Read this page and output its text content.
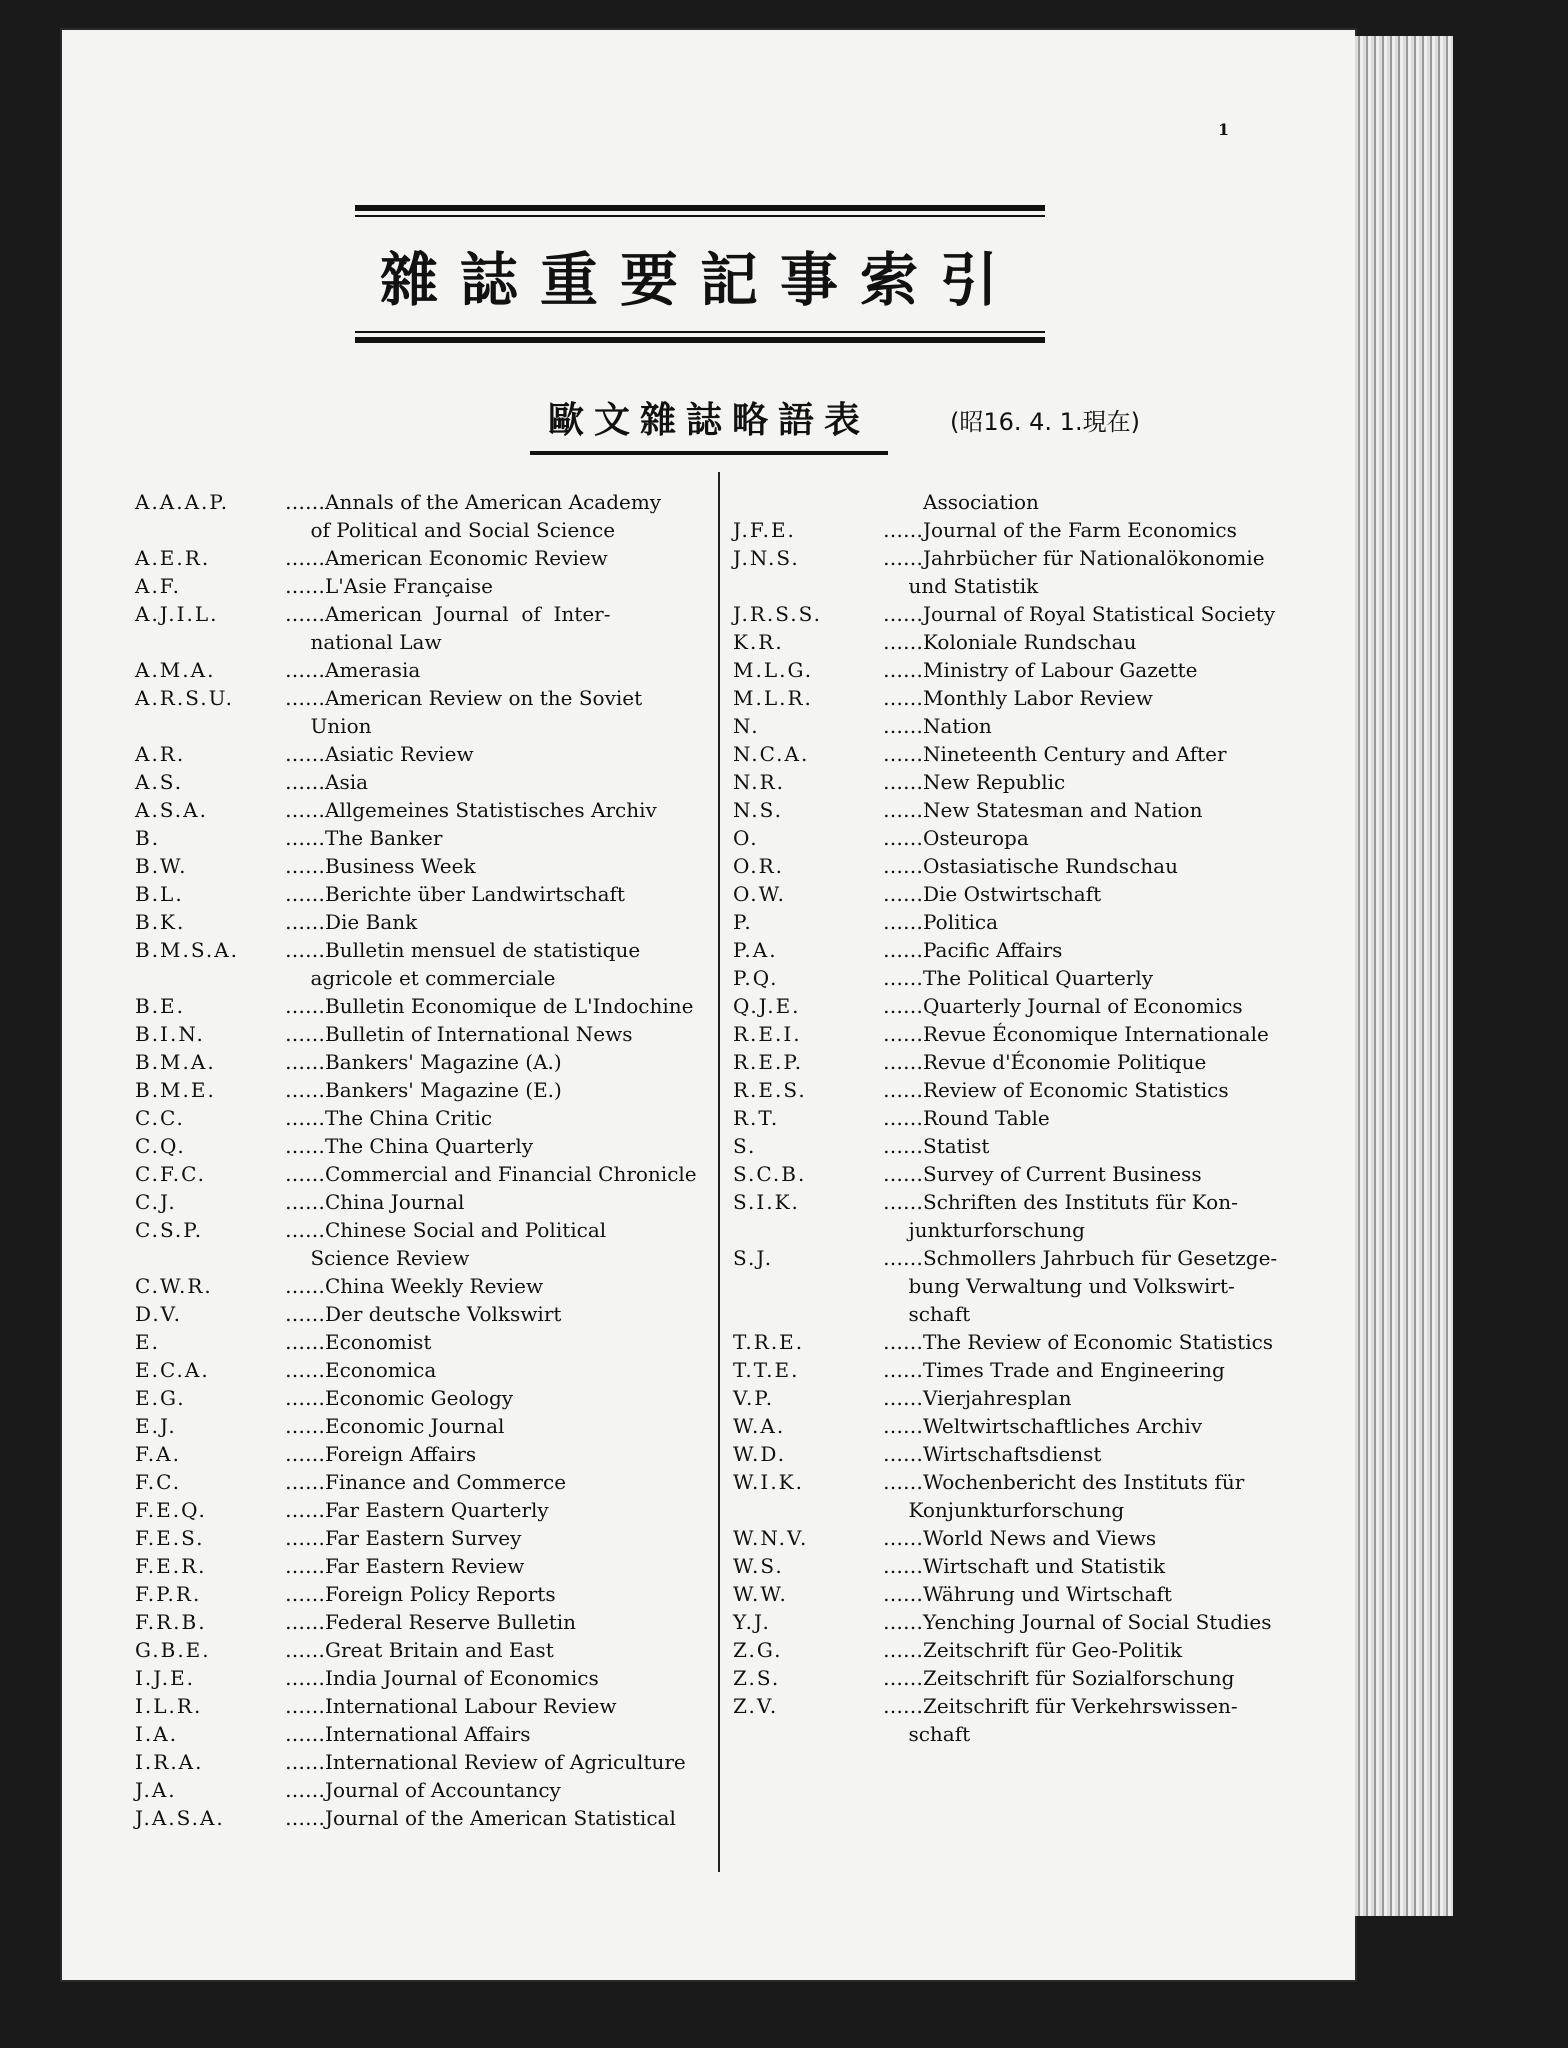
1
雜誌重要記事索引
歐文雜誌略語表	(昭16. 4. 1.現在)
A.A.A.P.	……Annals of the American Academy
of Political and Social Science
A.E.R.	……American Economic Review
A.F.	……L'Asie Française
A.J.I.L.	……American  Journal  of  Inter-
national Law
A.M.A.	……Amerasia
A.R.S.U.	……American Review on the Soviet
Union
A.R.	……Asiatic Review
A.S.	……Asia
A.S.A.	……Allgemeines Statistisches Archiv
B.	……The Banker
B.W.	……Business Week
B.L.	……Berichte über Landwirtschaft
B.K.	……Die Bank
B.M.S.A.	……Bulletin mensuel de statistique
agricole et commerciale
B.E.	……Bulletin Economique de L'Indochine
B.I.N.	……Bulletin of International News
B.M.A.	……Bankers' Magazine (A.)
B.M.E.	……Bankers' Magazine (E.)
C.C.	……The China Critic
C.Q.	……The China Quarterly
C.F.C.	……Commercial and Financial Chronicle
C.J.	……China Journal
C.S.P.	……Chinese Social and Political
Science Review
C.W.R.	……China Weekly Review
D.V.	……Der deutsche Volkswirt
E.	……Economist
E.C.A.	……Economica
E.G.	……Economic Geology
E.J.	……Economic Journal
F.A.	……Foreign Affairs
F.C.	……Finance and Commerce
F.E.Q.	……Far Eastern Quarterly
F.E.S.	……Far Eastern Survey
F.E.R.	……Far Eastern Review
F.P.R.	……Foreign Policy Reports
F.R.B.	……Federal Reserve Bulletin
G.B.E.	……Great Britain and East
I.J.E.	……India Journal of Economics
I.L.R.	……International Labour Review
I.A.	……International Affairs
I.R.A.	……International Review of Agriculture
J.A.	……Journal of Accountancy
J.A.S.A.	……Journal of the American Statistical
Association
J.F.E.	……Journal of the Farm Economics
J.N.S.	……Jahrbücher für Nationalökonomie
und Statistik
J.R.S.S.	……Journal of Royal Statistical Society
K.R.	……Koloniale Rundschau
M.L.G.	……Ministry of Labour Gazette
M.L.R.	……Monthly Labor Review
N.	……Nation
N.C.A.	……Nineteenth Century and After
N.R.	……New Republic
N.S.	……New Statesman and Nation
O.	……Osteuropa
O.R.	……Ostasiatische Rundschau
O.W.	……Die Ostwirtschaft
P.	……Politica
P.A.	……Pacific Affairs
P.Q.	……The Political Quarterly
Q.J.E.	……Quarterly Journal of Economics
R.E.I.	……Revue Économique Internationale
R.E.P.	……Revue d'Économie Politique
R.E.S.	……Review of Economic Statistics
R.T.	……Round Table
S.	……Statist
S.C.B.	……Survey of Current Business
S.I.K.	……Schriften des Instituts für Kon-
junkturforschung
S.J.	……Schmollers Jahrbuch für Gesetzge-
bung Verwaltung und Volkswirt-
schaft
T.R.E.	……The Review of Economic Statistics
T.T.E.	……Times Trade and Engineering
V.P.	……Vierjahresplan
W.A.	……Weltwirtschaftliches Archiv
W.D.	……Wirtschaftsdienst
W.I.K.	……Wochenbericht des Instituts für
Konjunkturforschung
W.N.V.	……World News and Views
W.S.	……Wirtschaft und Statistik
W.W.	……Währung und Wirtschaft
Y.J.	……Yenching Journal of Social Studies
Z.G.	……Zeitschrift für Geo-Politik
Z.S.	……Zeitschrift für Sozialforschung
Z.V.	……Zeitschrift für Verkehrswissen-
schaft
